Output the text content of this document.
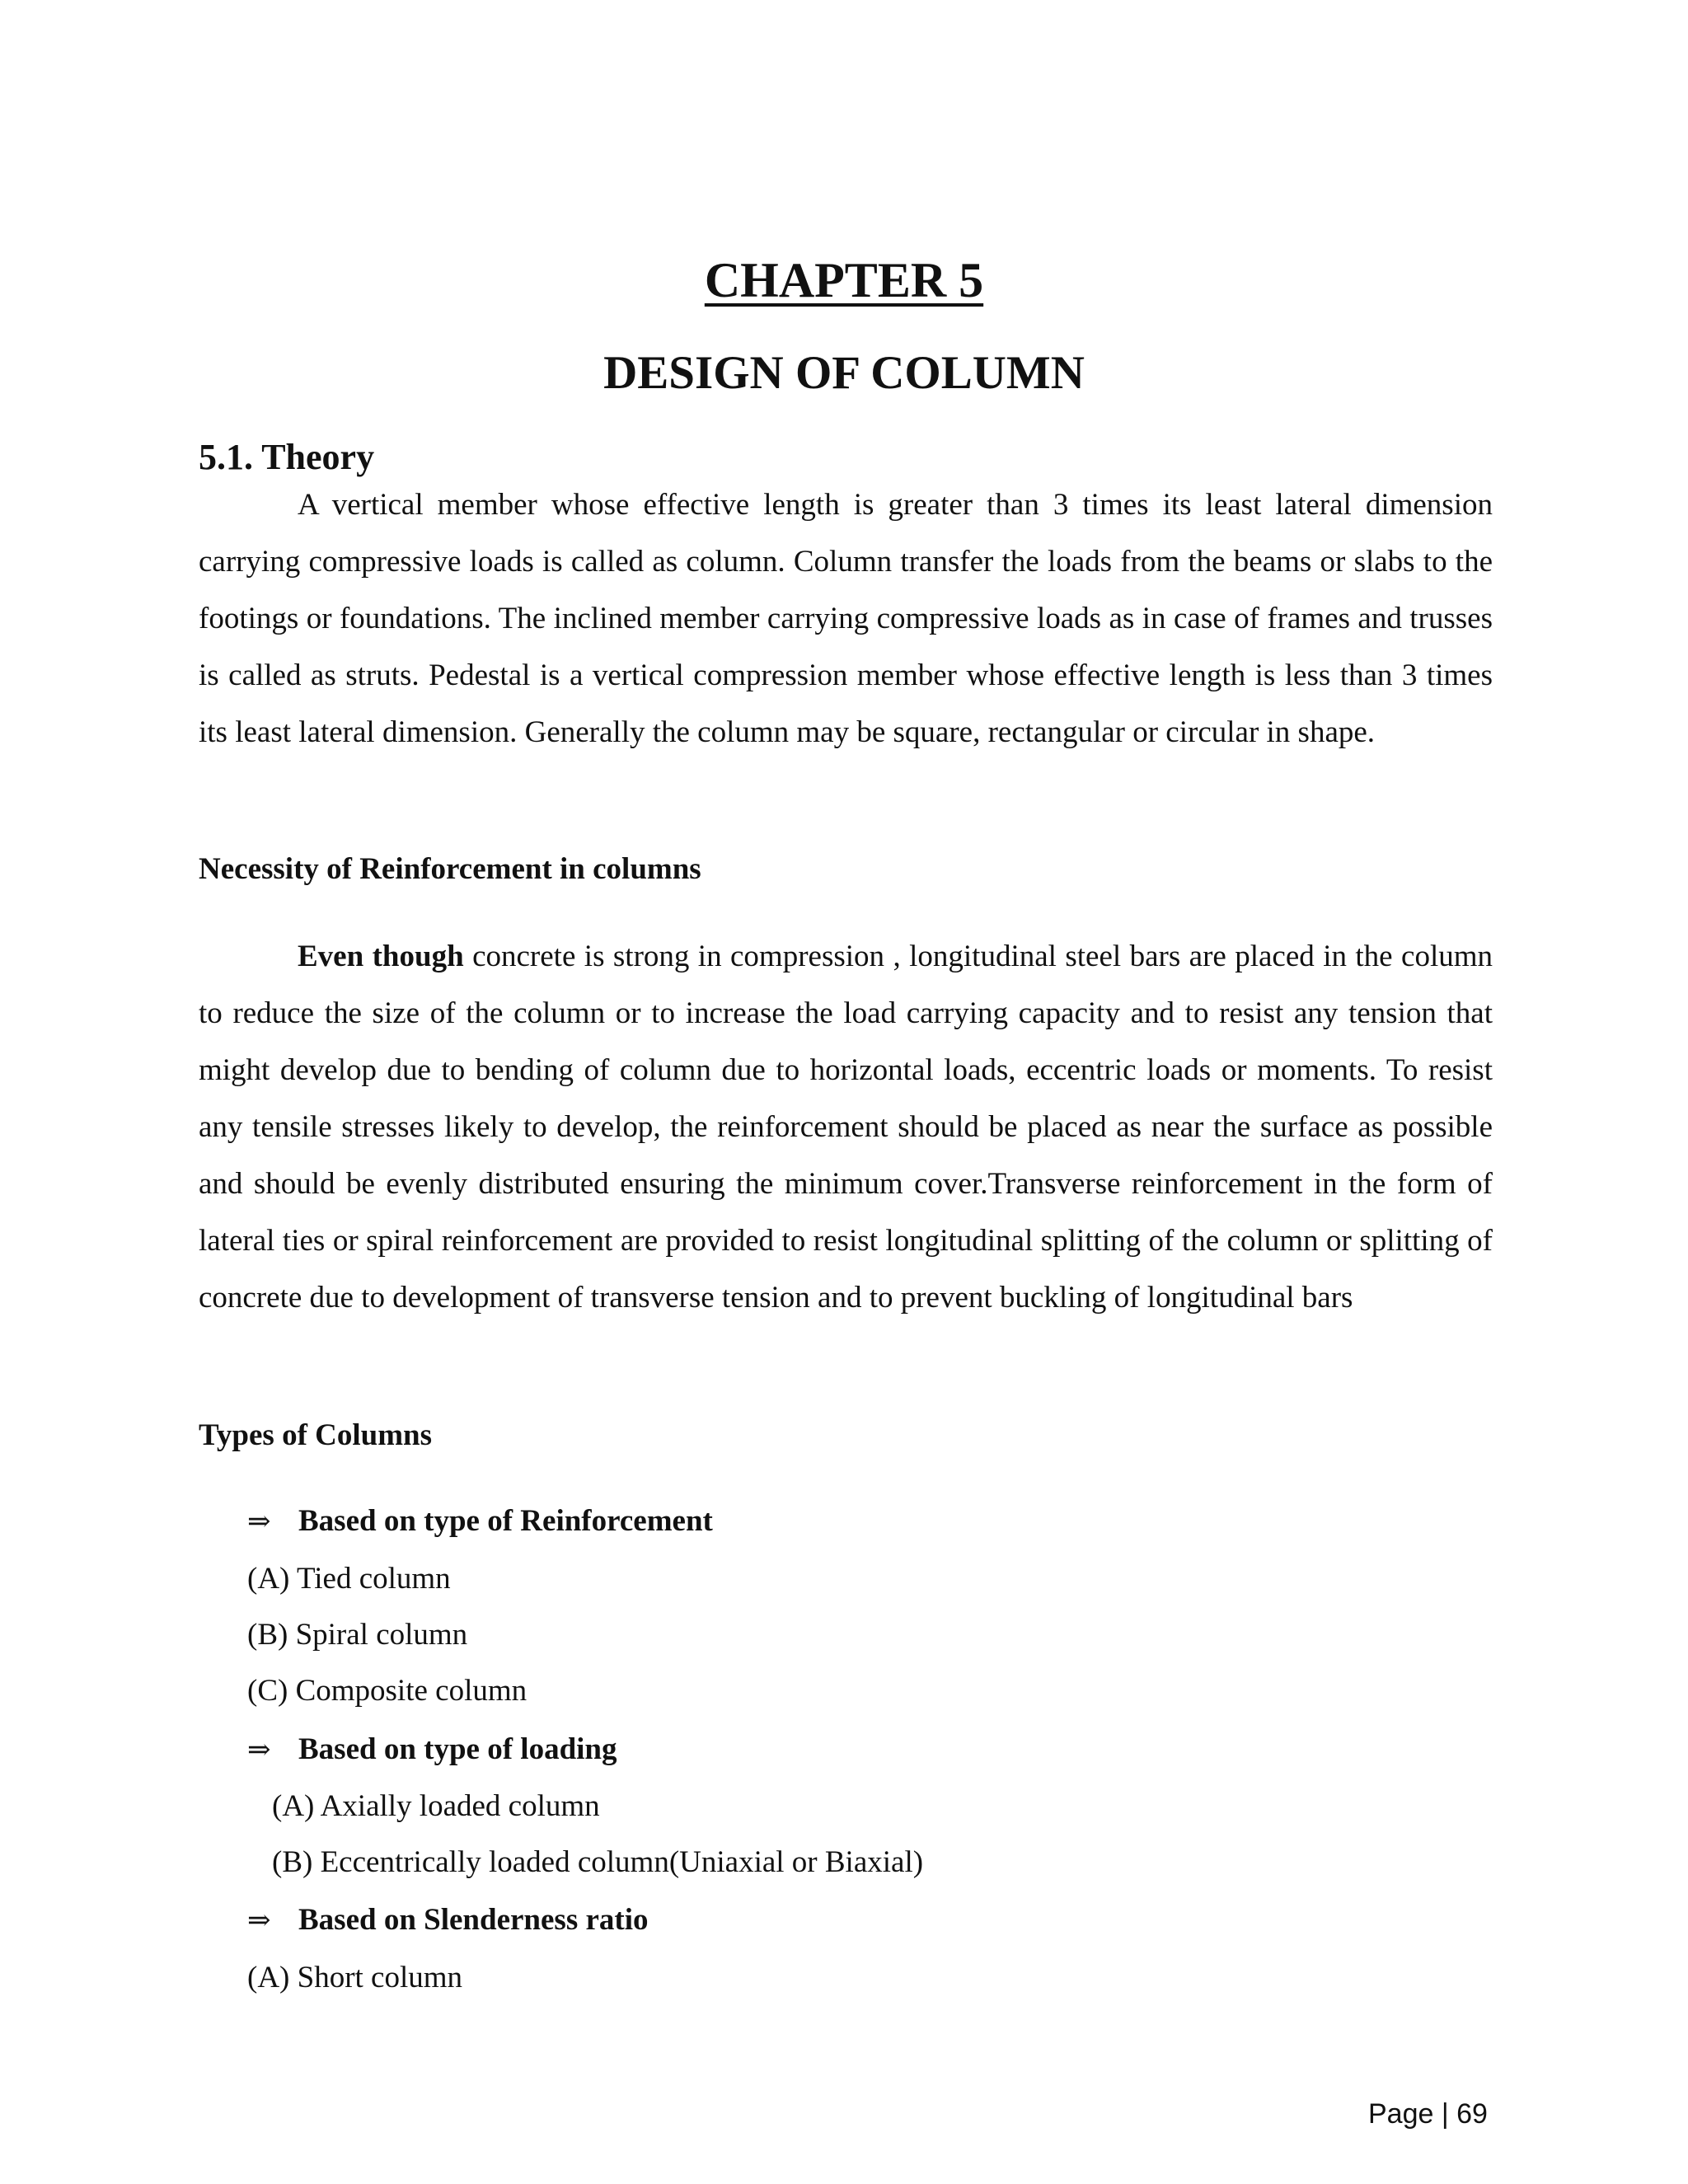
CHAPTER 5
DESIGN OF COLUMN
5.1. Theory
A vertical member whose effective length is greater than 3 times its least lateral dimension carrying compressive loads is called as column. Column transfer the loads from the beams or slabs to the footings or foundations. The inclined member carrying compressive loads as in case of frames and trusses is called as struts. Pedestal is a vertical compression member whose effective length is less than 3 times its least lateral dimension. Generally the column may be square, rectangular or circular in shape.
Necessity of Reinforcement in columns
Even though concrete is strong in compression , longitudinal steel bars are placed in the column to reduce the size of the column or to increase the load carrying capacity and to resist any tension that might develop due to bending of column due to horizontal loads, eccentric loads or moments. To resist any tensile stresses likely to develop, the reinforcement should be placed as near the surface as possible and should be evenly distributed ensuring the minimum cover.Transverse reinforcement in the form of lateral ties or spiral reinforcement are provided to resist longitudinal splitting of the column or splitting of concrete due to development of transverse tension and to prevent buckling of longitudinal bars
Types of Columns
⇒ Based on type of Reinforcement
(A) Tied column
(B) Spiral column
(C) Composite column
⇒ Based on type of loading
(A) Axially loaded column
(B) Eccentrically loaded column(Uniaxial or Biaxial)
⇒ Based on Slenderness ratio
(A) Short column
Page | 69
